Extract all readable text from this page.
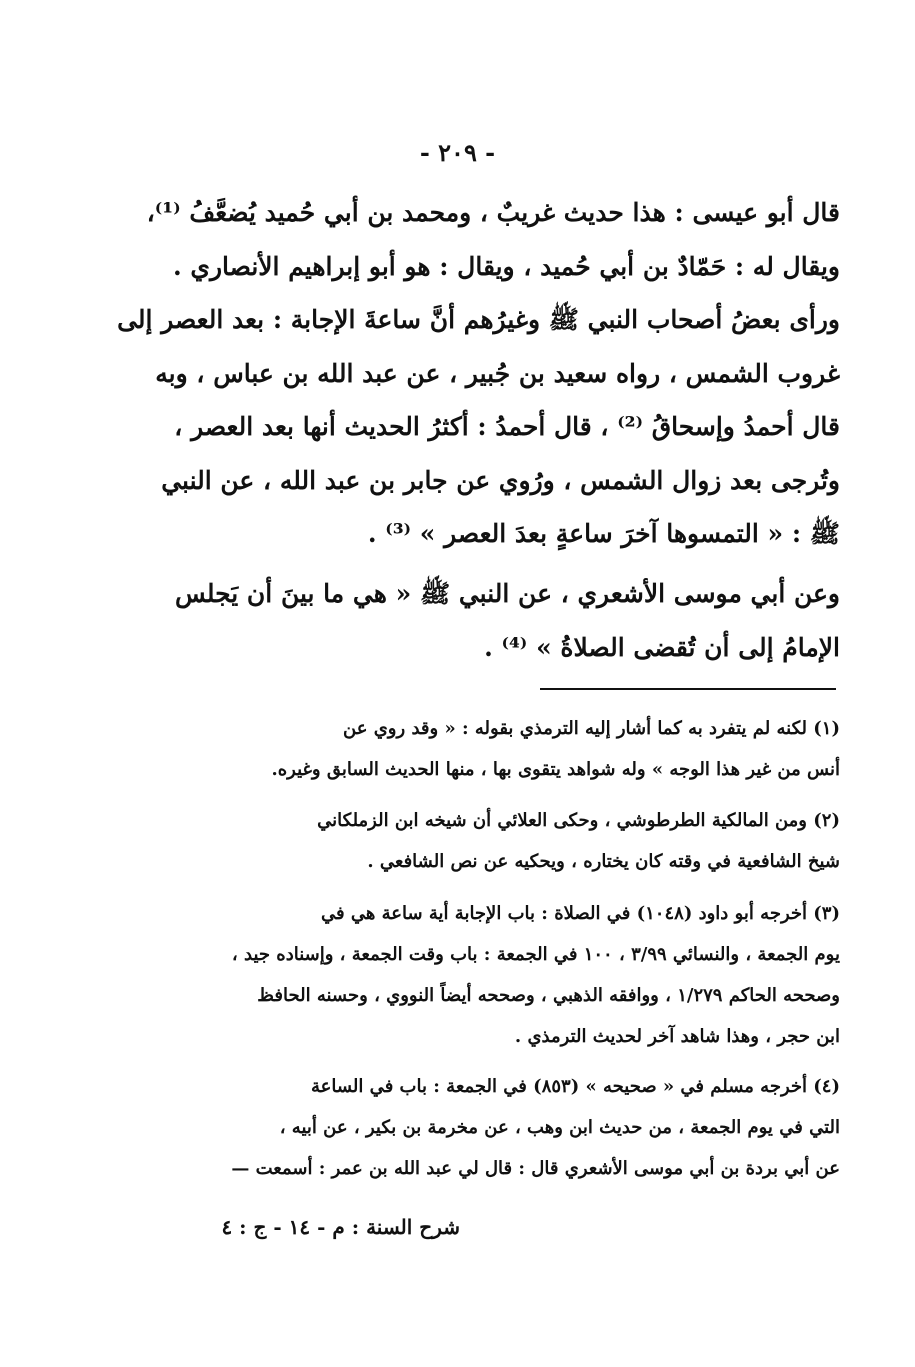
- ٢٠٩ -
قال أبو عيسى : هذا حديث غريبٌ ، ومحمد بن أبي حُميد يُضعَّفُ ⁽¹⁾،
ويقال له : حَمّادٌ بن أبي حُميد ، ويقال : هو أبو إبراهيم الأنصاري .
ورأى بعضُ أصحاب النبي ﷺ وغيرُهم أنَّ ساعةَ الإجابة : بعد العصر إلى
غروب الشمس ، رواه سعيد بن جُبير ، عن عبد الله بن عباس ، وبه
قال أحمدُ وإسحاقُ ⁽²⁾ ، قال أحمدُ : أكثرُ الحديث أنها بعد العصر ،
وتُرجى بعد زوال الشمس ، ورُوي عن جابر بن عبد الله ، عن النبي
ﷺ : « التمسوها آخرَ ساعةٍ بعدَ العصر » ⁽³⁾ .
وعن أبي موسى الأشعري ، عن النبي ﷺ « هي ما بينَ أن يَجلس
الإمامُ إلى أن تُقضى الصلاةُ » ⁽⁴⁾ .
(١) لكنه لم يتفرد به كما أشار إليه الترمذي بقوله : « وقد روي عن
أنس من غير هذا الوجه » وله شواهد يتقوى بها ، منها الحديث السابق وغيره.
(٢) ومن المالكية الطرطوشي ، وحكى العلائي أن شيخه ابن الزملكاني
شيخ الشافعية في وقته كان يختاره ، ويحكيه عن نص الشافعي .
(٣) أخرجه أبو داود (١٠٤٨) في الصلاة : باب الإجابة أية ساعة هي في
يوم الجمعة ، والنسائي ٣/٩٩ ، ١٠٠ في الجمعة : باب وقت الجمعة ، وإسناده جيد ،
وصححه الحاكم ١/٢٧٩ ، ووافقه الذهبي ، وصححه أيضاً النووي ، وحسنه الحافظ
ابن حجر ، وهذا شاهد آخر لحديث الترمذي .
(٤) أخرجه مسلم في « صحيحه » (٨٥٣) في الجمعة : باب في الساعة
التي في يوم الجمعة ، من حديث ابن وهب ، عن مخرمة بن بكير ، عن أبيه ،
عن أبي بردة بن أبي موسى الأشعري قال : قال لي عبد الله بن عمر : أسمعت —
شرح السنة : م - ١٤ - ج : ٤
